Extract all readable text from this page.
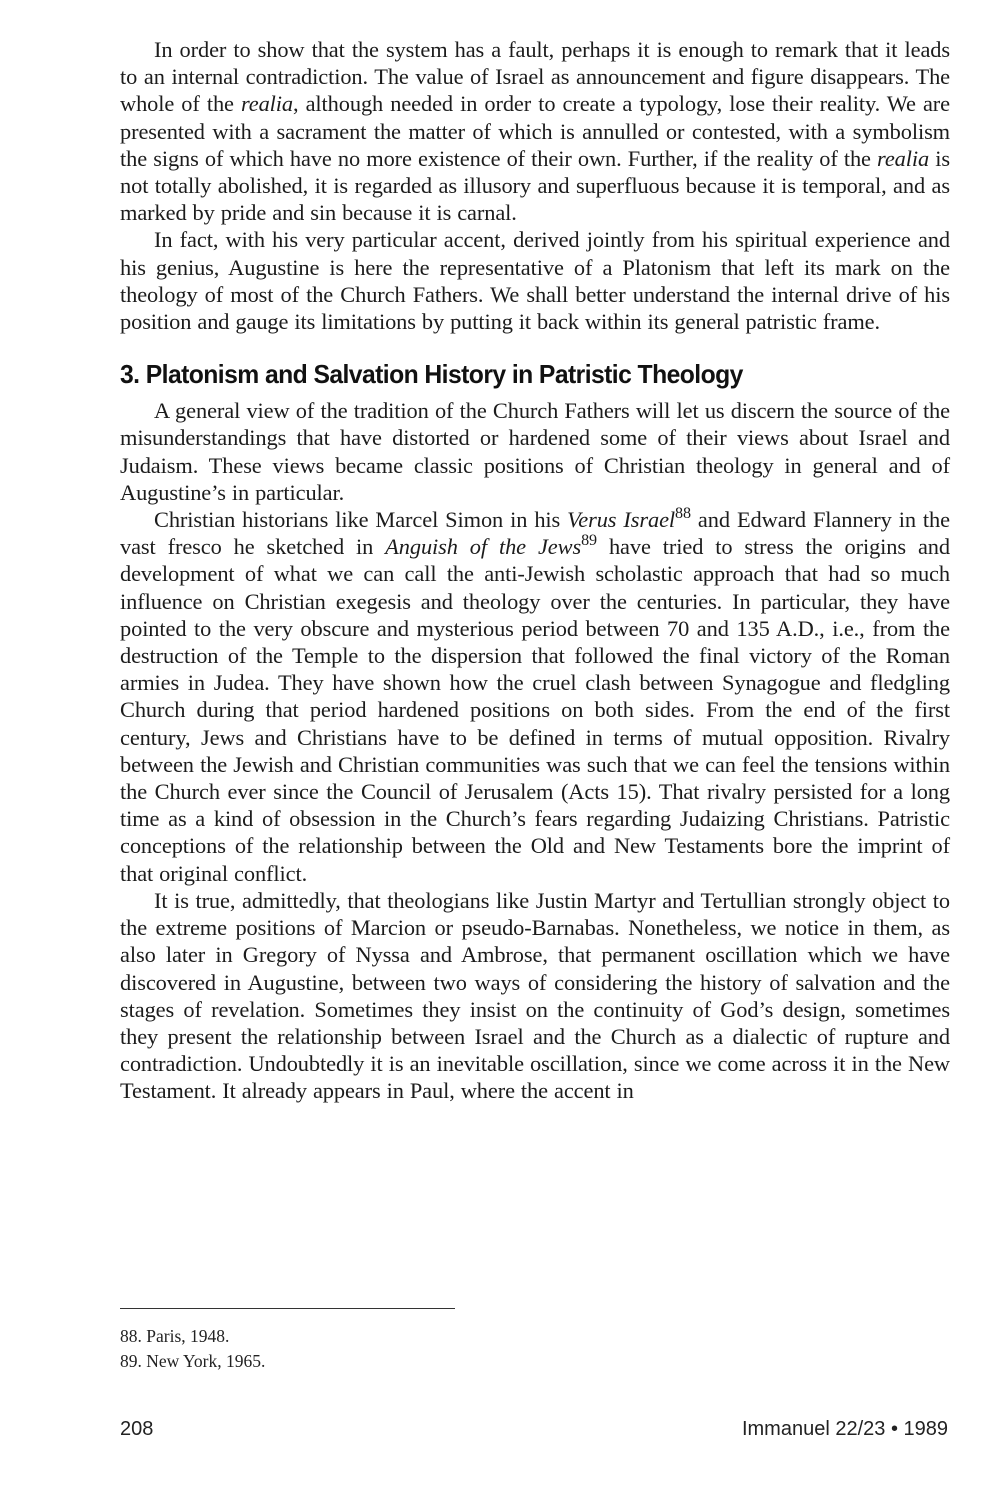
In order to show that the system has a fault, perhaps it is enough to remark that it leads to an internal contradiction. The value of Israel as announcement and figure disappears. The whole of the realia, although needed in order to create a typology, lose their reality. We are presented with a sacrament the matter of which is annulled or contested, with a symbolism the signs of which have no more existence of their own. Further, if the reality of the realia is not totally abolished, it is regarded as illusory and superfluous because it is temporal, and as marked by pride and sin because it is carnal.

In fact, with his very particular accent, derived jointly from his spiritual experience and his genius, Augustine is here the representative of a Platonism that left its mark on the theology of most of the Church Fathers. We shall better understand the internal drive of his position and gauge its limitations by putting it back within its general patristic frame.

3. Platonism and Salvation History in Patristic Theology

A general view of the tradition of the Church Fathers will let us discern the source of the misunderstandings that have distorted or hardened some of their views about Israel and Judaism. These views became classic positions of Christian theology in general and of Augustine’s in particular.

Christian historians like Marcel Simon in his Verus Israel$^{88}$ and Edward Flannery in the vast fresco he sketched in Anguish of the Jews$^{89}$ have tried to stress the origins and development of what we can call the anti-Jewish scholastic approach that had so much influence on Christian exegesis and theology over the centuries. In particular, they have pointed to the very obscure and mysterious period between 70 and 135 A.D., i.e., from the destruction of the Temple to the dispersion that followed the final victory of the Roman armies in Judea. They have shown how the cruel clash between Synagogue and fledgling Church during that period hardened positions on both sides. From the end of the first century, Jews and Christians have to be defined in terms of mutual opposition. Rivalry between the Jewish and Christian communities was such that we can feel the tensions within the Church ever since the Council of Jerusalem (Acts 15). That rivalry persisted for a long time as a kind of obsession in the Church’s fears regarding Judaizing Christians. Patristic conceptions of the relationship between the Old and New Testaments bore the imprint of that original conflict.

It is true, admittedly, that theologians like Justin Martyr and Tertullian strongly object to the extreme positions of Marcion or pseudo-Barnabas. Nonetheless, we notice in them, as also later in Gregory of Nyssa and Ambrose, that permanent oscillation which we have discovered in Augustine, between two ways of considering the history of salvation and the stages of revelation. Sometimes they insist on the continuity of God’s design, sometimes they present the relationship between Israel and the Church as a dialectic of rupture and contradiction. Undoubtedly it is an inevitable oscillation, since we come across it in the New Testament. It already appears in Paul, where the accent in

88. Paris, 1948.
89. New York, 1965.
208	Immanuel 22/23 • 1989
